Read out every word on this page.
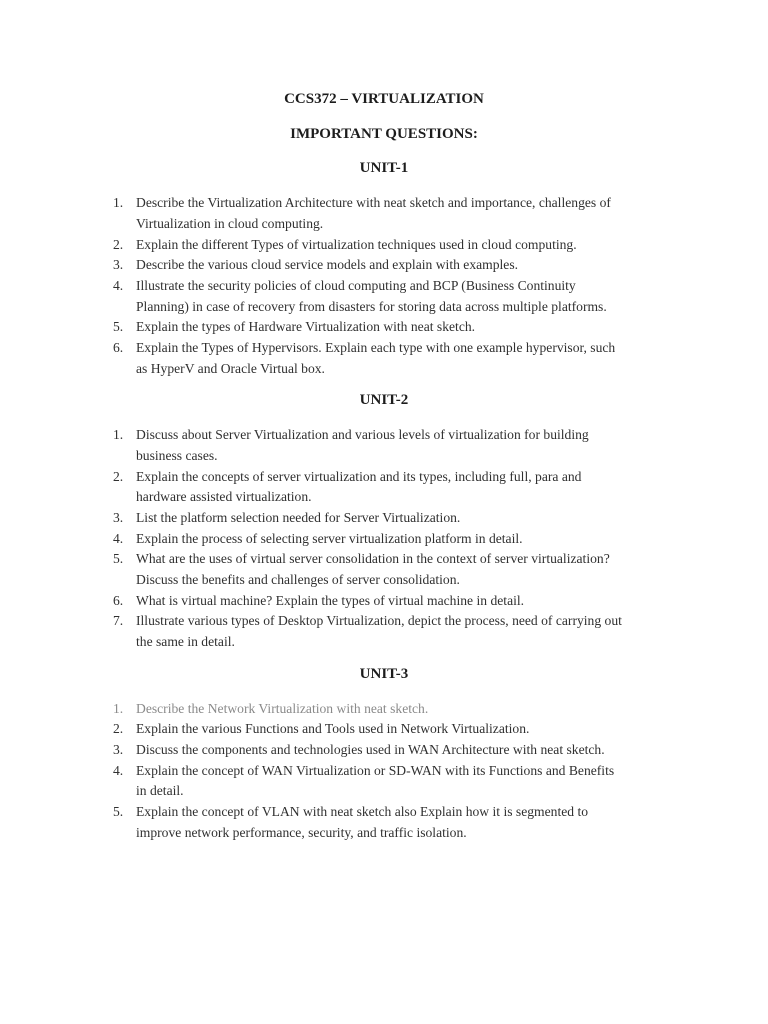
CCS372 – VIRTUALIZATION
IMPORTANT QUESTIONS:
UNIT-1
1. Describe the Virtualization Architecture with neat sketch and importance, challenges of
Virtualization in cloud computing.
2. Explain the different Types of virtualization techniques used in cloud computing.
3. Describe the various cloud service models and explain with examples.
4. Illustrate the security policies of cloud computing and BCP (Business Continuity
Planning) in case of recovery from disasters for storing data across multiple platforms.
5. Explain the types of Hardware Virtualization with neat sketch.
6. Explain the Types of Hypervisors. Explain each type with one example hypervisor, such
as HyperV and Oracle Virtual box.
UNIT-2
1. Discuss about Server Virtualization and various levels of virtualization for building
business cases.
2. Explain the concepts of server virtualization and its types, including full, para and
hardware assisted virtualization.
3. List the platform selection needed for Server Virtualization.
4. Explain the process of selecting server virtualization platform in detail.
5. What are the uses of virtual server consolidation in the context of server virtualization?
Discuss the benefits and challenges of server consolidation.
6. What is virtual machine? Explain the types of virtual machine in detail.
7. Illustrate various types of Desktop Virtualization, depict the process, need of carrying out
the same in detail.
UNIT-3
1. Describe the Network Virtualization with neat sketch.
2. Explain the various Functions and Tools used in Network Virtualization.
3. Discuss the components and technologies used in WAN Architecture with neat sketch.
4. Explain the concept of WAN Virtualization or SD-WAN with its Functions and Benefits
in detail.
5. Explain the concept of VLAN with neat sketch also Explain how it is segmented to
improve network performance, security, and traffic isolation.
